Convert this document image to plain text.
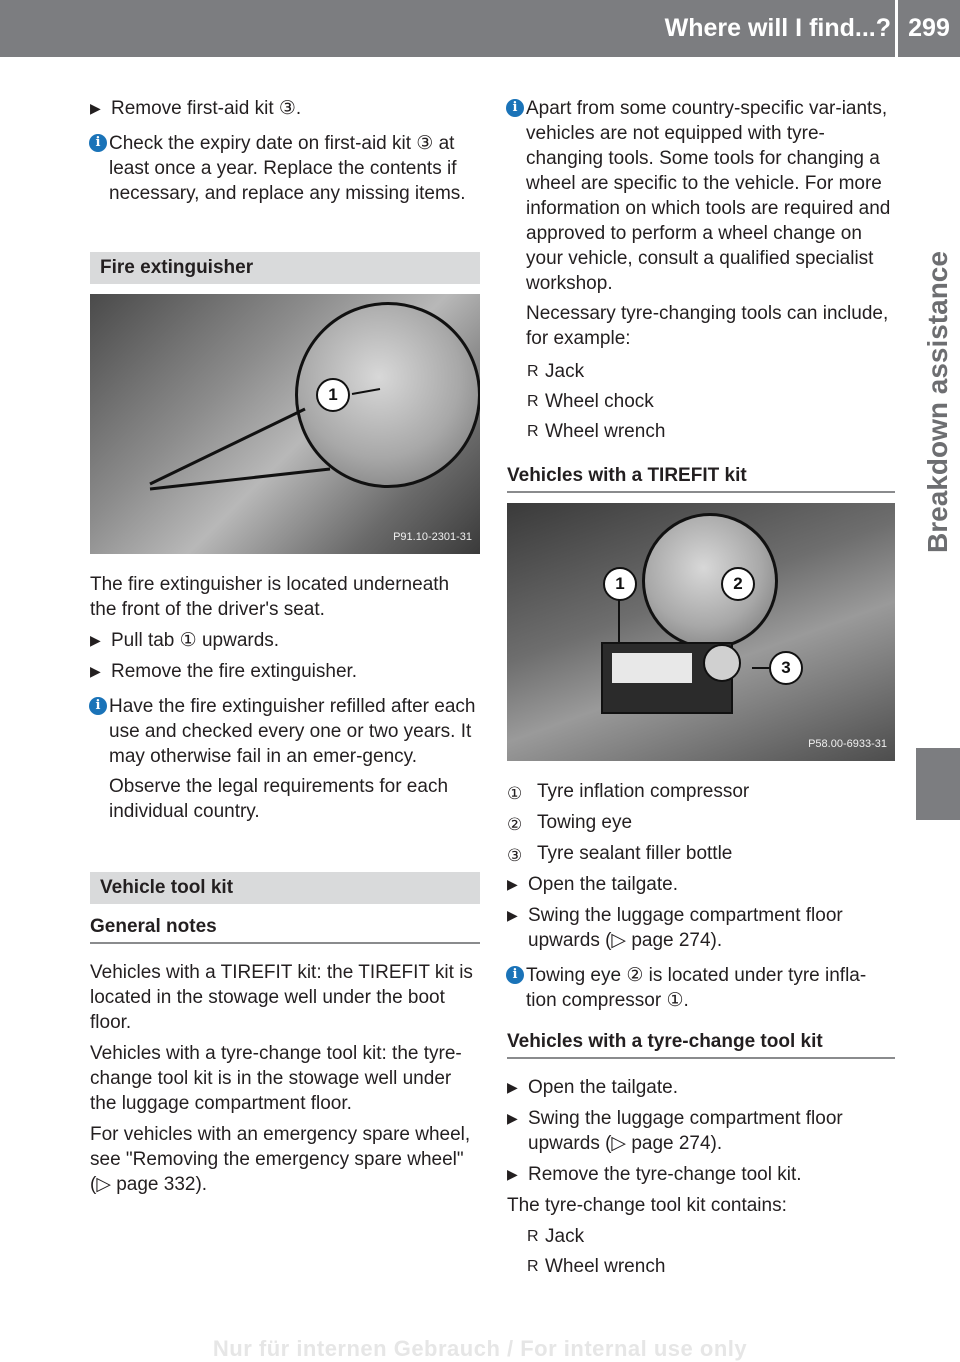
Where will I find...? 299
Breakdown assistance
▶ Remove first-aid kit ③.
i Check the expiry date on first-aid kit ③ at least once a year. Replace the contents if necessary, and replace any missing items.
Fire extinguisher
1
P91.10-2301-31

The fire extinguisher is located underneath the front of the driver's seat.

▶ Pull tab ① upwards.
▶ Remove the fire extinguisher.
i Have the fire extinguisher refilled after each use and checked every one or two years. It may otherwise fail in an emer-gency.
Observe the legal requirements for each individual country.
Vehicle tool kit
General notes

Vehicles with a TIREFIT kit: the TIREFIT kit is located in the stowage well under the boot floor.

Vehicles with a tyre-change tool kit: the tyre-change tool kit is in the stowage well under the luggage compartment floor.

For vehicles with an emergency spare wheel, see "Removing the emergency spare wheel" (▷ page 332).

i Apart from some country-specific var-iants, vehicles are not equipped with tyre-changing tools. Some tools for changing a wheel are specific to the vehicle. For more information on which tools are required and approved to perform a wheel change on your vehicle, consult a qualified specialist workshop.
Necessary tyre-changing tools can include, for example:
R Jack
R Wheel chock
R Wheel wrench
Vehicles with a TIREFIT kit
1	2
3
P58.00-6933-31
① Tyre inflation compressor
② Towing eye
③ Tyre sealant filler bottle
▶ Open the tailgate.
▶ Swing the luggage compartment floor upwards (▷ page 274).
i Towing eye ② is located under tyre infla-tion compressor ①.
Vehicles with a tyre-change tool kit
▶ Open the tailgate.
▶ Swing the luggage compartment floor upwards (▷ page 274).
▶ Remove the tyre-change tool kit.

The tyre-change tool kit contains:

R Jack
R Wheel wrench
Nur für internen Gebrauch / For internal use only
